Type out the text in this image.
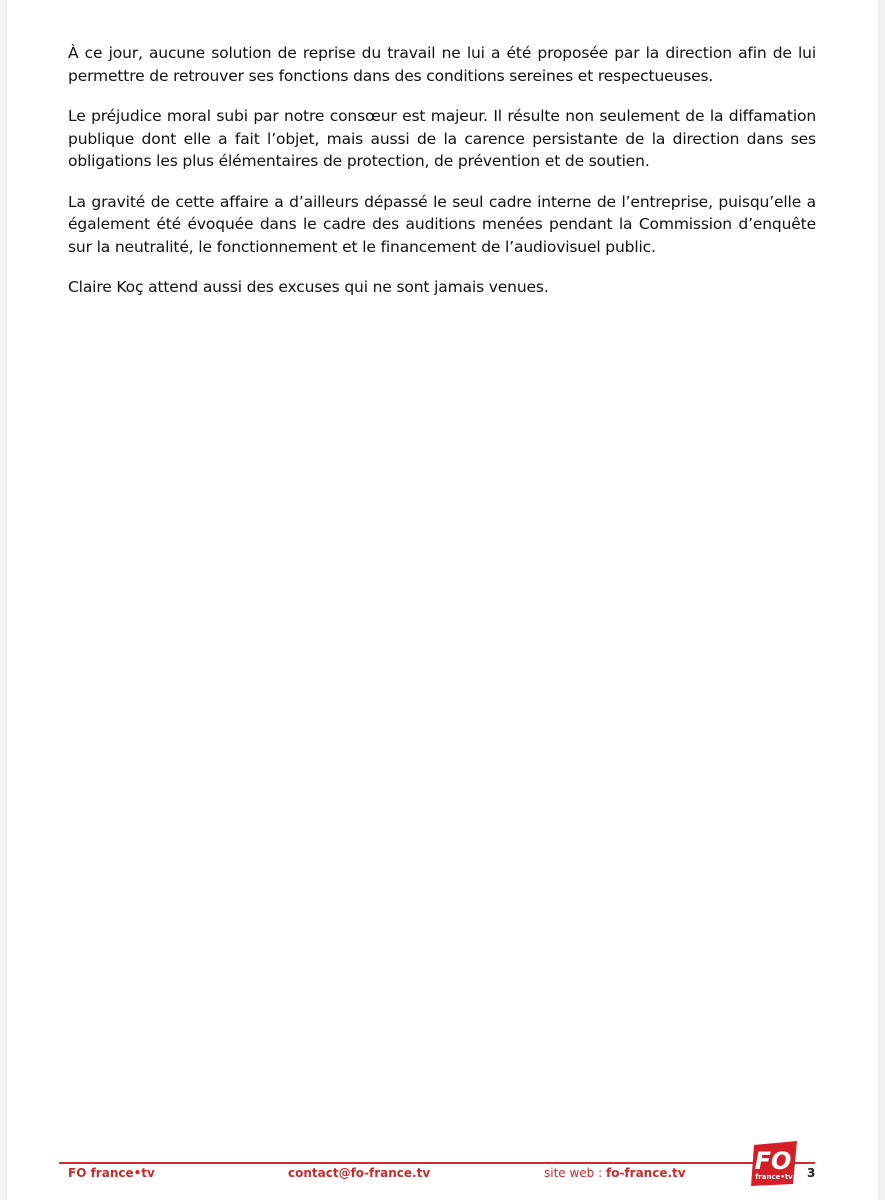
À ce jour, aucune solution de reprise du travail ne lui a été proposée par la direction afin de lui permettre de retrouver ses fonctions dans des conditions sereines et respectueuses.

Le préjudice moral subi par notre consœur est majeur. Il résulte non seulement de la diffamation publique dont elle a fait l’objet, mais aussi de la carence persistante de la direction dans ses obligations les plus élémentaires de protection, de prévention et de soutien.

La gravité de cette affaire a d’ailleurs dépassé le seul cadre interne de l’entreprise, puisqu’elle a également été évoquée dans le cadre des auditions menées pendant la Commission d’enquête sur la neutralité, le fonctionnement et le financement de l’audiovisuel public.

Claire Koç attend aussi des excuses qui ne sont jamais venues.

FO france•tv	contact@fo-france.tv	site web : fo-france.tv	FO
france•tv 3
